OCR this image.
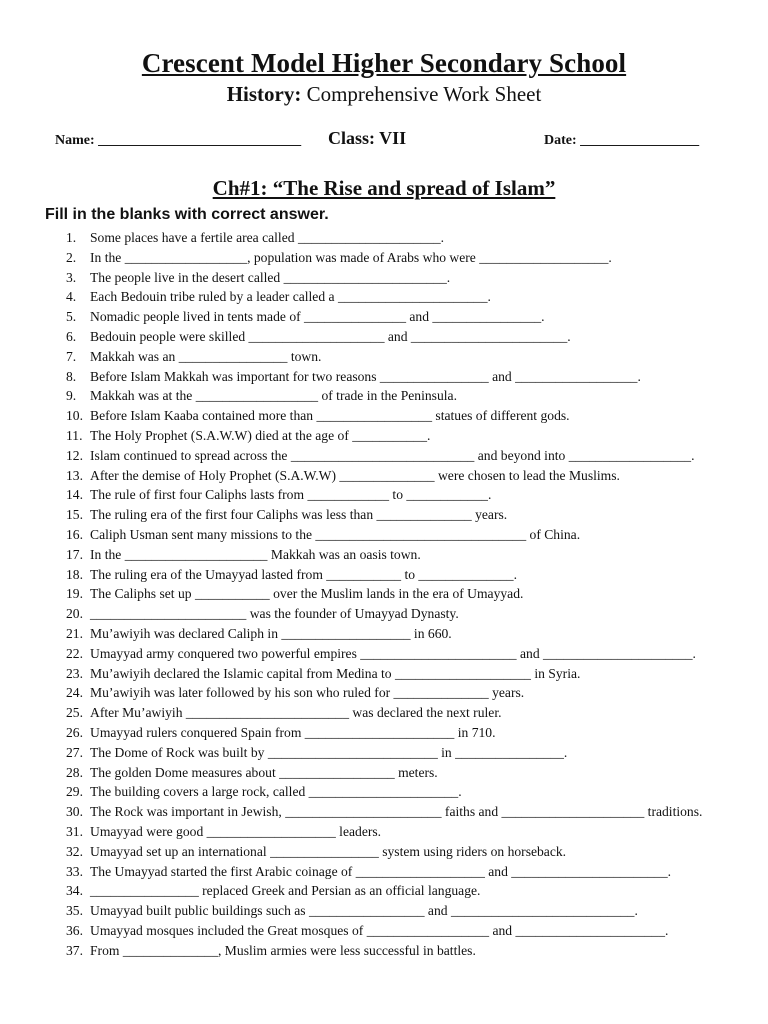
Crescent Model Higher Secondary School
History: Comprehensive Work Sheet
Name: _____________________________ Class: VII	Date: _________________
Ch#1: “The Rise and spread of Islam”
Fill in the blanks with correct answer.
1.	Some places have a fertile area called _____________________.
2.	In the __________________, population was made of Arabs who were ___________________.
3.	The people live in the desert called ________________________.
4.	Each Bedouin tribe ruled by a leader called a ______________________.
5.	Nomadic people lived in tents made of _______________ and ________________.
6.	Bedouin people were skilled ____________________ and _______________________.
7.	Makkah was an ________________ town.
8.	Before Islam Makkah was important for two reasons ________________ and __________________.
9.	Makkah was at the __________________ of trade in the Peninsula.
10. Before Islam Kaaba contained more than _________________ statues of different gods.
11. The Holy Prophet (S.A.W.W) died at the age of ___________.
12. Islam continued to spread across the ___________________________ and beyond into __________________.
13. After the demise of Holy Prophet (S.A.W.W) ______________ were chosen to lead the Muslims.
14. The rule of first four Caliphs lasts from ____________ to ____________.
15. The ruling era of the first four Caliphs was less than ______________ years.
16. Caliph Usman sent many missions to the _______________________________ of China.
17. In the _____________________ Makkah was an oasis town.
18. The ruling era of the Umayyad lasted from ___________ to ______________.
19. The Caliphs set up ___________ over the Muslim lands in the era of Umayyad.
20. _______________________ was the founder of Umayyad Dynasty.
21. Mu’awiyih was declared Caliph in ___________________ in 660.
22. Umayyad army conquered two powerful empires _______________________ and ______________________.
23. Mu’awiyih declared the Islamic capital from Medina to ____________________ in Syria.
24. Mu’awiyih was later followed by his son who ruled for ______________ years.
25. After Mu’awiyih ________________________ was declared the next ruler.
26. Umayyad rulers conquered Spain from ______________________ in 710.
27. The Dome of Rock was built by _________________________ in ________________.
28. The golden Dome measures about _________________ meters.
29. The building covers a large rock, called ______________________.
30. The Rock was important in Jewish, _______________________ faiths and _____________________ traditions.
31. Umayyad were good ___________________ leaders.
32. Umayyad set up an international ________________ system using riders on horseback.
33. The Umayyad started the first Arabic coinage of ___________________ and _______________________.
34. ________________ replaced Greek and Persian as an official language.
35. Umayyad built public buildings such as _________________ and ___________________________.
36. Umayyad mosques included the Great mosques of __________________ and ______________________.
37. From ______________, Muslim armies were less successful in battles.
